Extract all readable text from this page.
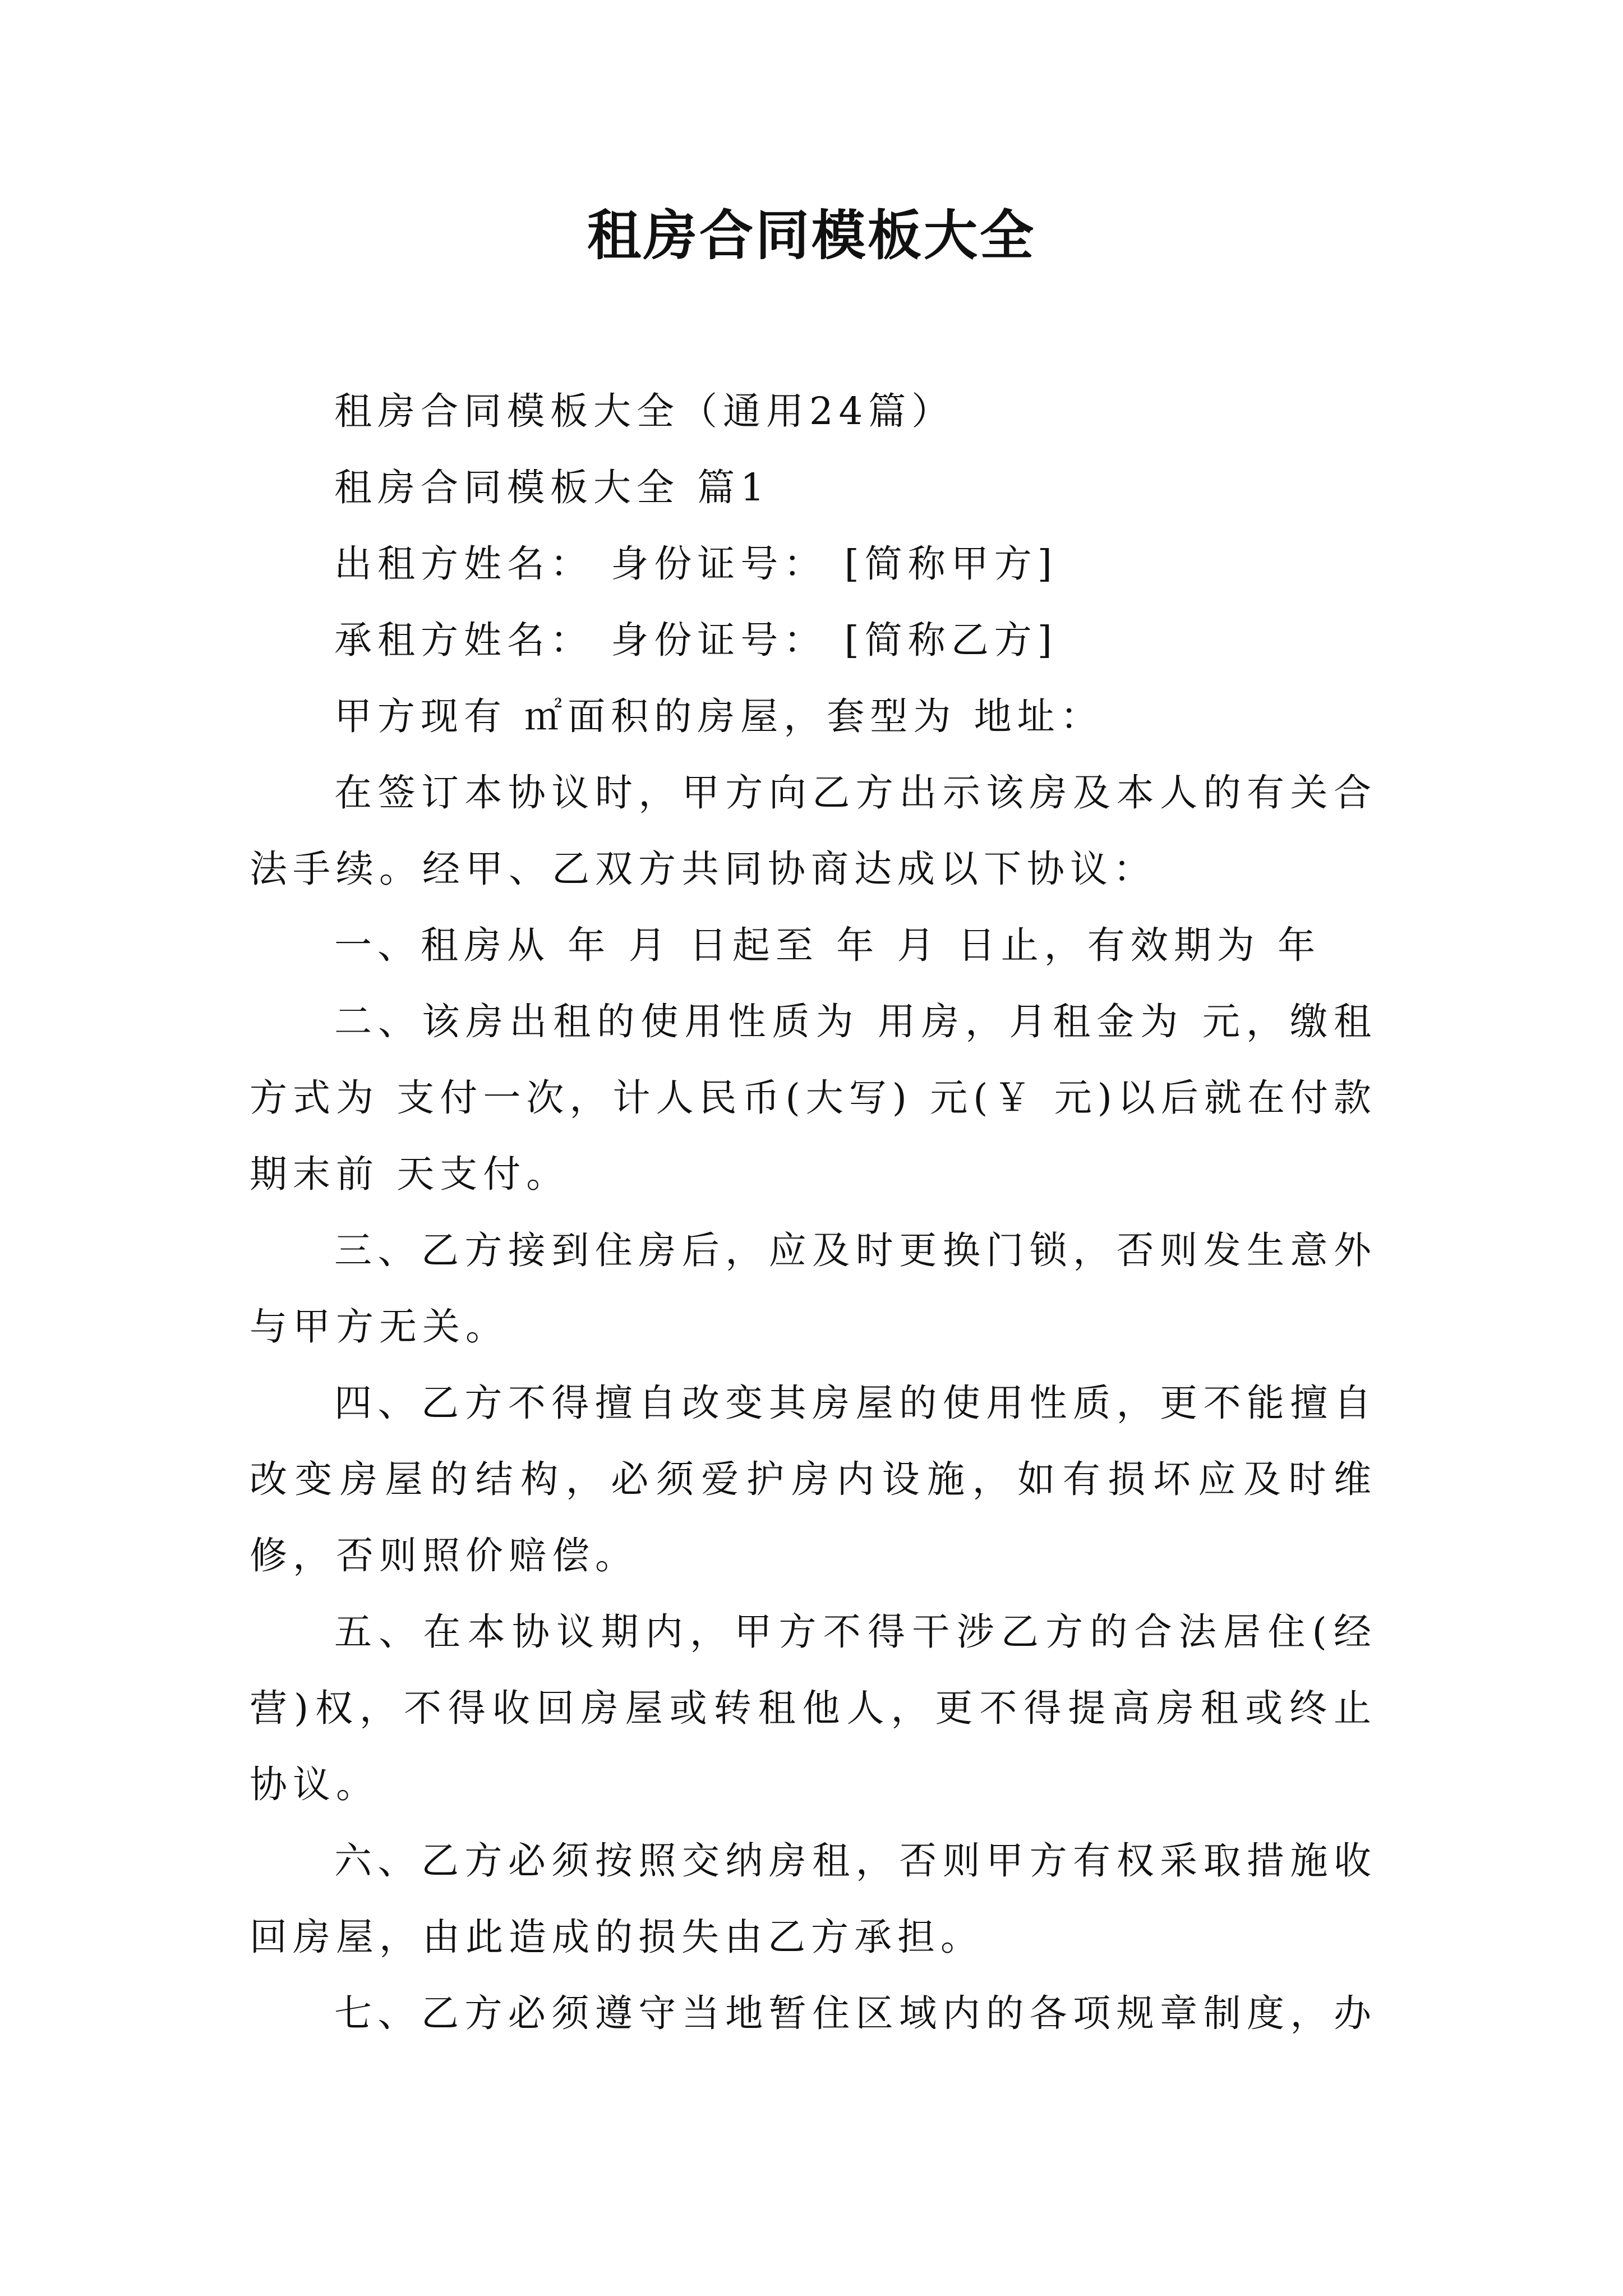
租房合同模板大全

租房合同模板大全（通用24篇）

租房合同模板大全 篇1

出租方姓名： 身份证号： [简称甲方]

承租方姓名： 身份证号： [简称乙方]

甲方现有 ㎡面积的房屋，套型为 地址：

在签订本协议时，甲方向乙方出示该房及本人的有关合法手续。经甲、乙双方共同协商达成以下协议：

一、租房从 年 月 日起至 年 月 日止，有效期为 年

二、该房出租的使用性质为 用房，月租金为 元，缴租方式为 支付一次，计人民币(大写) 元(￥ 元)以后就在付款期末前 天支付。

三、乙方接到住房后，应及时更换门锁，否则发生意外与甲方无关。

四、乙方不得擅自改变其房屋的使用性质，更不能擅自改变房屋的结构，必须爱护房内设施，如有损坏应及时维修，否则照价赔偿。

五、在本协议期内，甲方不得干涉乙方的合法居住(经营)权，不得收回房屋或转租他人，更不得提高房租或终止协议。

六、乙方必须按照交纳房租，否则甲方有权采取措施收回房屋，由此造成的损失由乙方承担。

七、乙方必须遵守当地暂住区域内的各项规章制度，办
